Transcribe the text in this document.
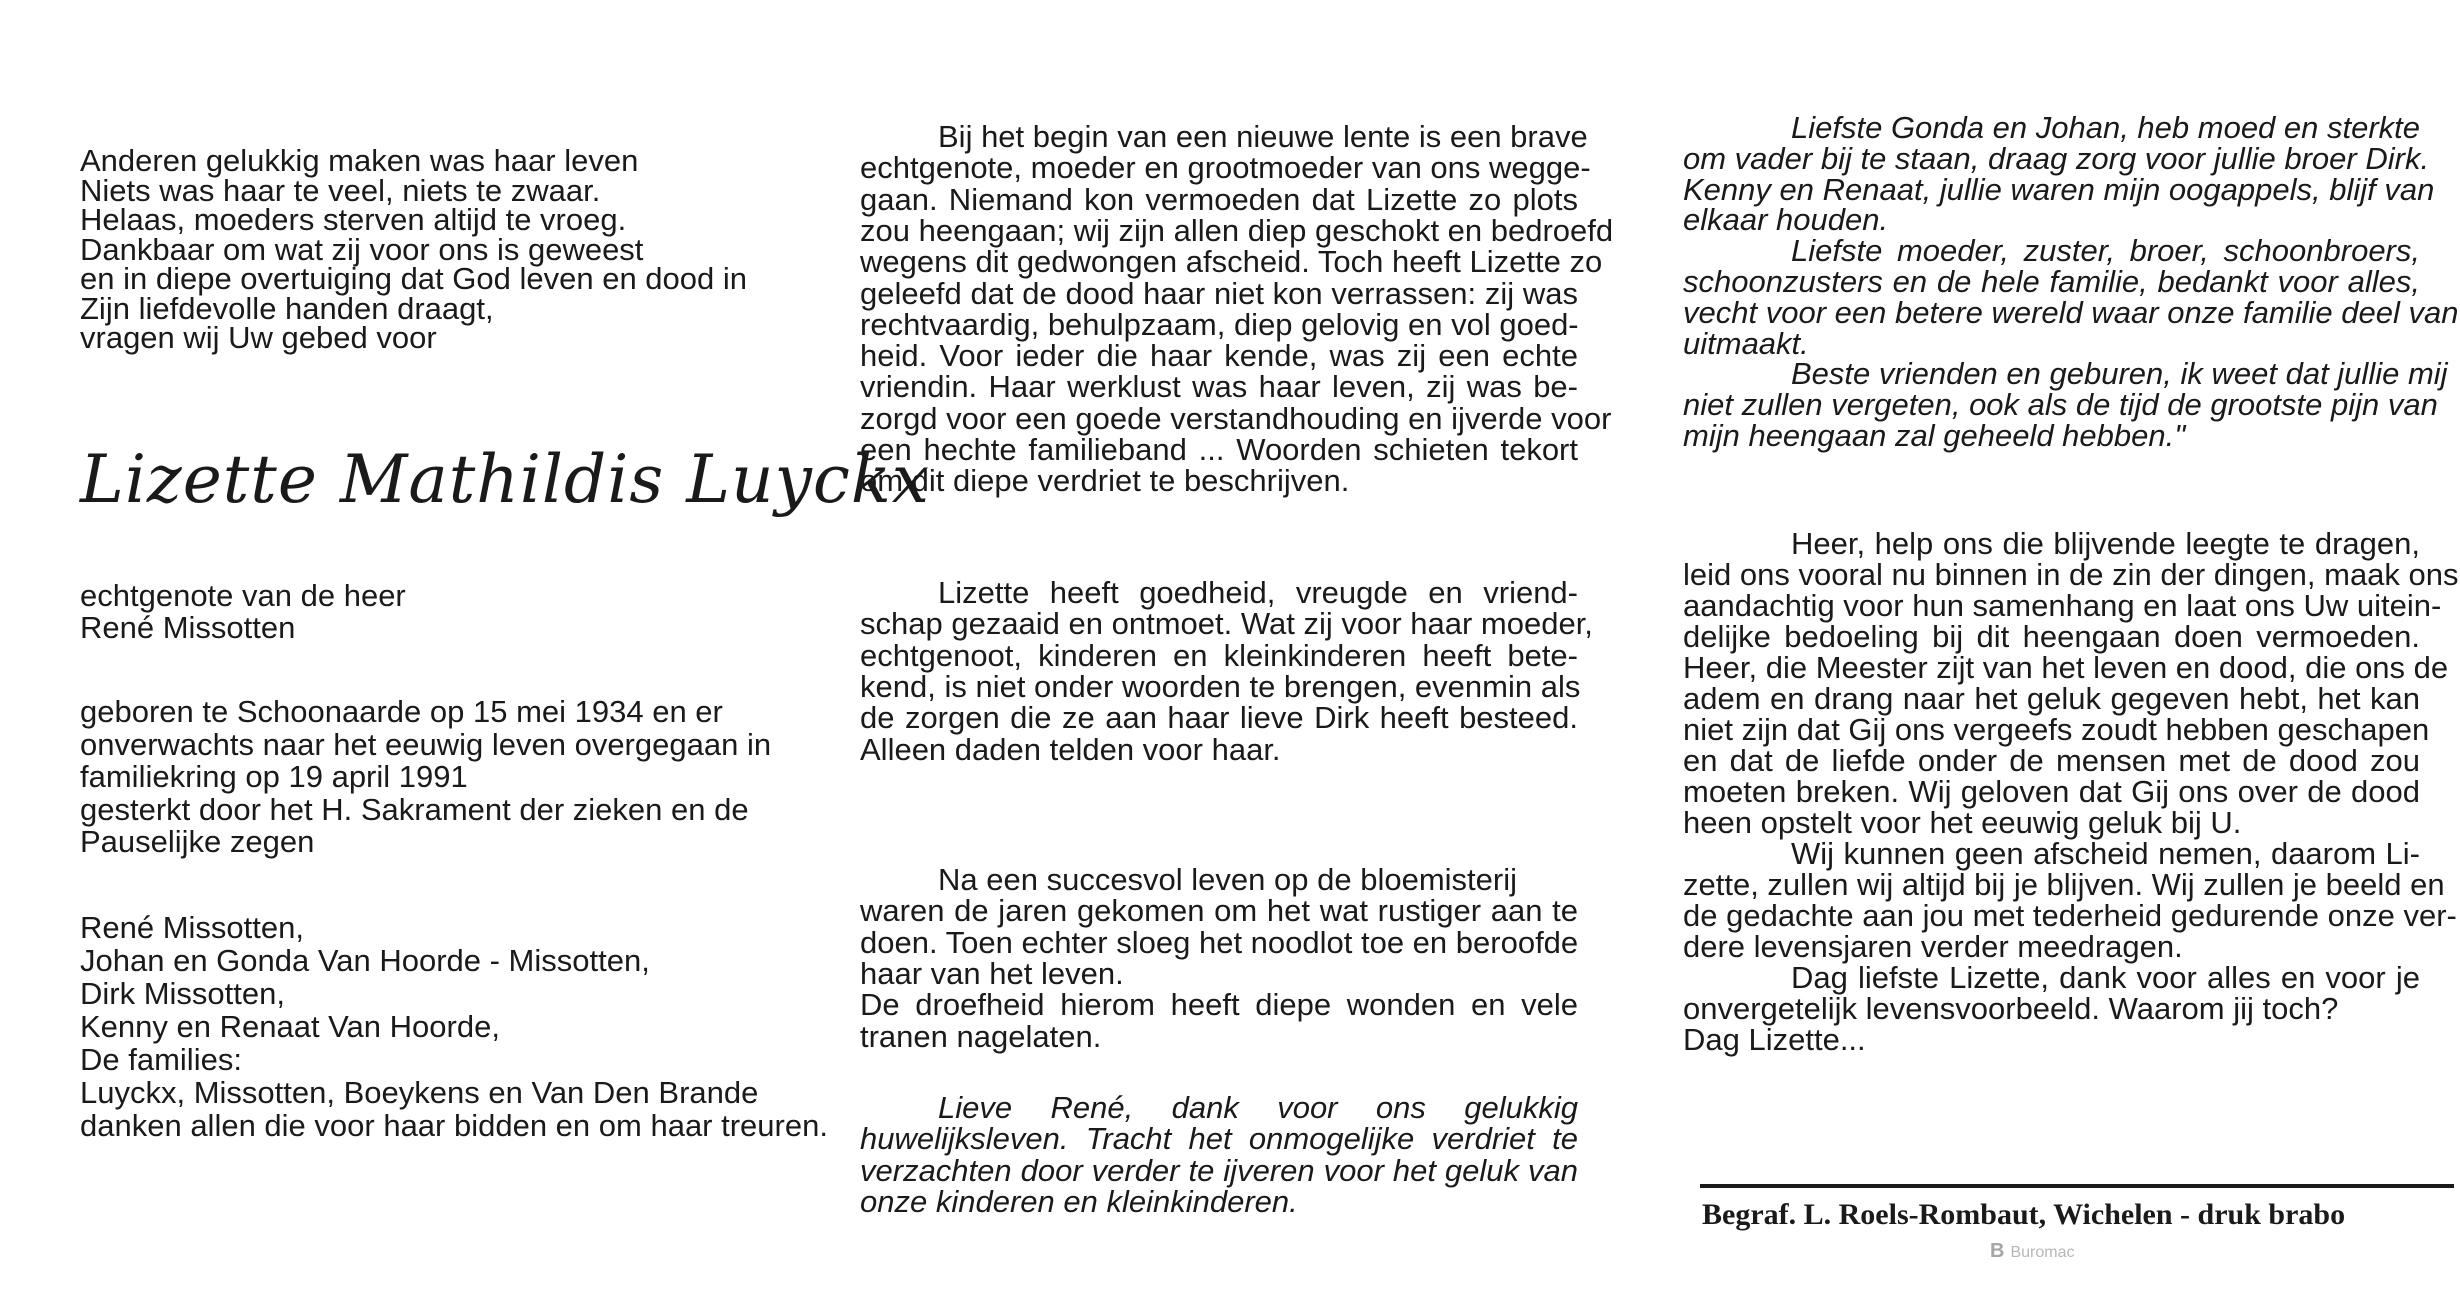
Anderen gelukkig maken was haar leven
Niets was haar te veel, niets te zwaar.
Helaas, moeders sterven altijd te vroeg.
Dankbaar om wat zij voor ons is geweest
en in diepe overtuiging dat God leven en dood in
Zijn liefdevolle handen draagt,
vragen wij Uw gebed voor
Lizette Mathildis Luyckx
echtgenote van de heer
René Missotten
geboren te Schoonaarde op 15 mei 1934 en er
onverwachts naar het eeuwig leven overgegaan in
familiekring op 19 april 1991
gesterkt door het H. Sakrament der zieken en de
Pauselijke zegen
René Missotten,
Johan en Gonda Van Hoorde - Missotten,
Dirk Missotten,
Kenny en Renaat Van Hoorde,
De families:
Luyckx, Missotten, Boeykens en Van Den Brande
danken allen die voor haar bidden en om haar treuren.
Bij het begin van een nieuwe lente is een brave
echtgenote, moeder en grootmoeder van ons wegge-
gaan. Niemand kon vermoeden dat Lizette zo plots
zou heengaan; wij zijn allen diep geschokt en bedroefd
wegens dit gedwongen afscheid. Toch heeft Lizette zo
geleefd dat de dood haar niet kon verrassen: zij was
rechtvaardig, behulpzaam, diep gelovig en vol goed-
heid. Voor ieder die haar kende, was zij een echte
vriendin. Haar werklust was haar leven, zij was be-
zorgd voor een goede verstandhouding en ijverde voor
een hechte familieband ... Woorden schieten tekort
om dit diepe verdriet te beschrijven.
Lizette heeft goedheid, vreugde en vriend-
schap gezaaid en ontmoet. Wat zij voor haar moeder,
echtgenoot, kinderen en kleinkinderen heeft bete-
kend, is niet onder woorden te brengen, evenmin als
de zorgen die ze aan haar lieve Dirk heeft besteed.
Alleen daden telden voor haar.
Na een succesvol leven op de bloemisterij
waren de jaren gekomen om het wat rustiger aan te
doen. Toen echter sloeg het noodlot toe en beroofde
haar van het leven.
De droefheid hierom heeft diepe wonden en vele
tranen nagelaten.
Lieve René, dank voor ons gelukkig
huwelijksleven. Tracht het onmogelijke verdriet te
verzachten door verder te ijveren voor het geluk van
onze kinderen en kleinkinderen.
Liefste Gonda en Johan, heb moed en sterkte
om vader bij te staan, draag zorg voor jullie broer Dirk.
Kenny en Renaat, jullie waren mijn oogappels, blijf van
elkaar houden.
Liefste moeder, zuster, broer, schoonbroers,
schoonzusters en de hele familie, bedankt voor alles,
vecht voor een betere wereld waar onze familie deel van
uitmaakt.
Beste vrienden en geburen, ik weet dat jullie mij
niet zullen vergeten, ook als de tijd de grootste pijn van
mijn heengaan zal geheeld hebben."
Heer, help ons die blijvende leegte te dragen,
leid ons vooral nu binnen in de zin der dingen, maak ons
aandachtig voor hun samenhang en laat ons Uw uitein-
delijke bedoeling bij dit heengaan doen vermoeden.
Heer, die Meester zijt van het leven en dood, die ons de
adem en drang naar het geluk gegeven hebt, het kan
niet zijn dat Gij ons vergeefs zoudt hebben geschapen
en dat de liefde onder de mensen met de dood zou
moeten breken. Wij geloven dat Gij ons over de dood
heen opstelt voor het eeuwig geluk bij U.
Wij kunnen geen afscheid nemen, daarom Li-
zette, zullen wij altijd bij je blijven. Wij zullen je beeld en
de gedachte aan jou met tederheid gedurende onze ver-
dere levensjaren verder meedragen.
Dag liefste Lizette, dank voor alles en voor je
onvergetelijk levensvoorbeeld. Waarom jij toch?
Dag Lizette...
Begraf. L. Roels-Rombaut, Wichelen - druk brabo
B Buromac
